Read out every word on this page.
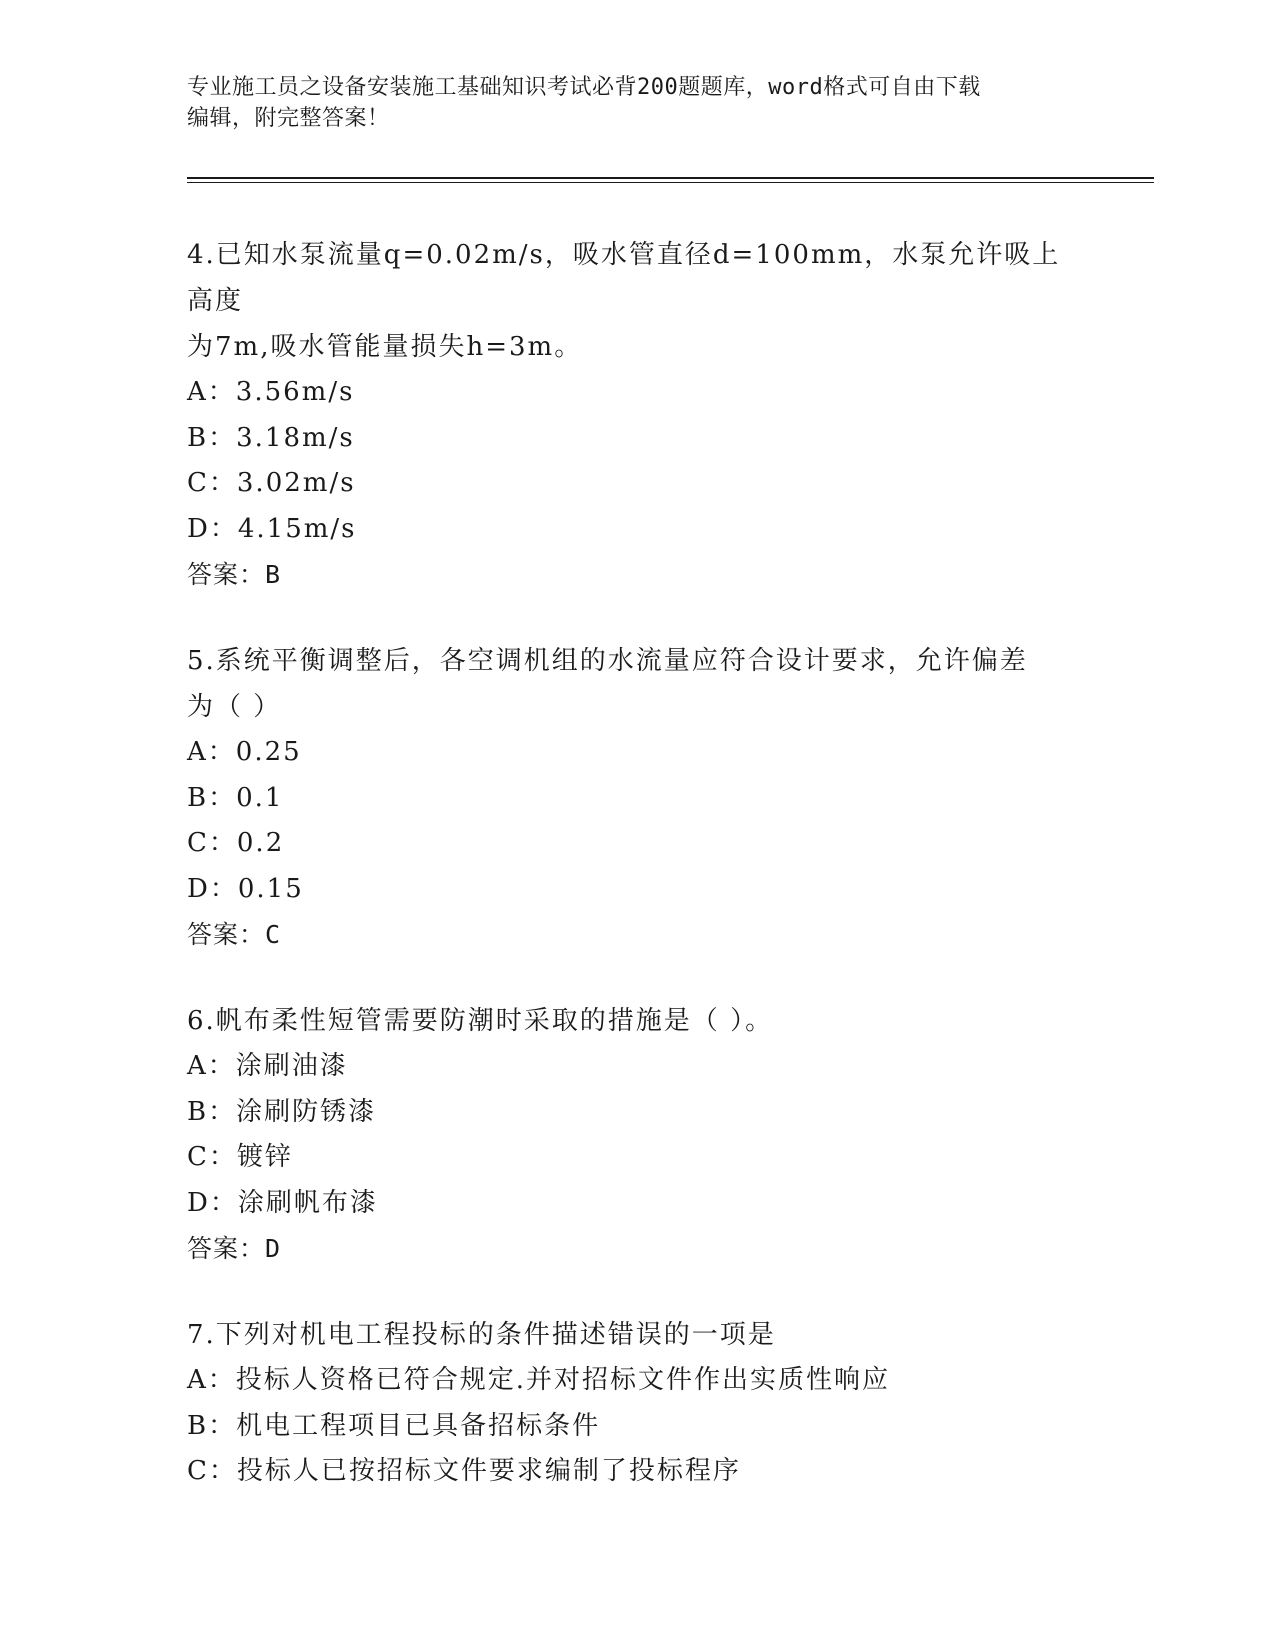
专业施工员之设备安装施工基础知识考试必背200题题库，word格式可自由下载
编辑，附完整答案！
4.已知水泵流量q=0.02m/s，吸水管直径d=100mm，水泵允许吸上高度
为7m,吸水管能量损失h=3m。
A：3.56m/s
B：3.18m/s
C：3.02m/s
D：4.15m/s
答案：B
5.系统平衡调整后，各空调机组的水流量应符合设计要求，允许偏差
为（ ）
A：0.25
B：0.1
C：0.2
D：0.15
答案：C
6.帆布柔性短管需要防潮时采取的措施是（ ）。
A：涂刷油漆
B：涂刷防锈漆
C：镀锌
D：涂刷帆布漆
答案：D
7.下列对机电工程投标的条件描述错误的一项是
A：投标人资格已符合规定.并对招标文件作出实质性响应
B：机电工程项目已具备招标条件
C：投标人已按招标文件要求编制了投标程序
